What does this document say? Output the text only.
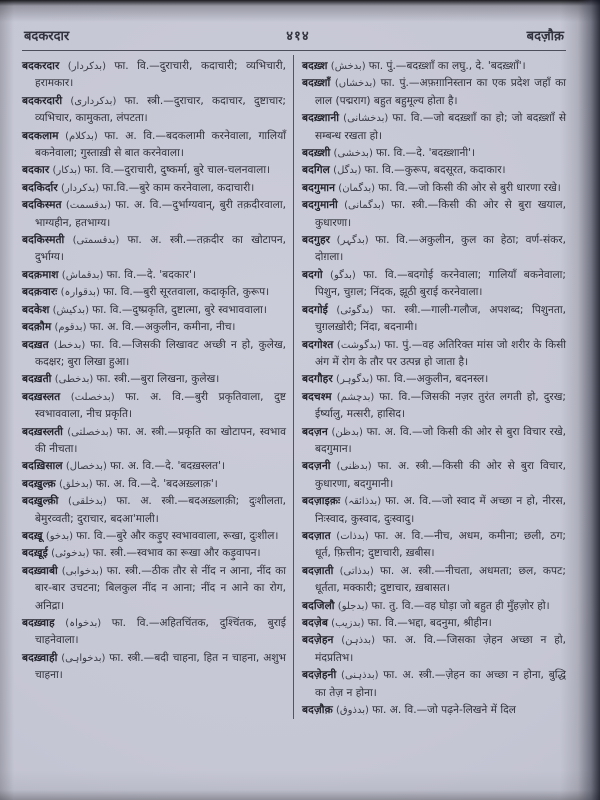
बदकरदार	४१४	बदज़ौक़

बदकरदार (بدکردار) फा. वि.—दुराचारी, कदाचारी; व्यभिचारी, हरामकार।

बदकरदारी (بدکرداری) फा. स्त्री.—दुराचार, कदाचार, दुष्टाचार; व्यभिचार, कामुकता, लंपटता।

बदकलाम (بدکلام) फा. अ. वि.—बदकलामी करनेवाला, गालियाँ बकनेवाला; गुस्ताख़ी से बात करनेवाला।

बदकार (بدکار) फा. वि.—दुराचारी, दुष्कर्मा, बुरे चाल-चलनवाला।

बदकिर्दार (بدکردار) फा.वि.—बुरे काम करनेवाला, कदाचारी।

बदकिस्मत (بدقسمت) फा. अ. वि.—दुर्भाग्यवान्, बुरी तक़दीरवाला, भाग्यहीन, हतभाग्य।

बदकिस्मती (بدقسمتی) फा. अ. स्त्री.—तक़दीर का खोटापन, दुर्भाग्य।

बदक़माश (بدقماش) फा. वि.—दे. 'बदकार'।

बदक़वारः (بدقوارہ) फा. वि.—बुरी सूरतवाला, कदाकृति, कुरूप।

बदकेश (بدکیش) फा. वि.—दुष्प्रकृति, दुष्टात्मा, बुरे स्वभाववाला।

बदक़ौम (بدقوم) फा. अ. वि.—अकुलीन, कमीना, नीच।

बदख़त (بدخط) फा. वि.—जिसकी लिखावट अच्छी न हो, कुलेख, कदक्षर; बुरा लिखा हुआ।

बदख़ती (بدخطی) फा. स्त्री.—बुरा लिखना, कुलेख।

बदख़स्लत (بدخصلت) फा. अ. वि.—बुरी प्रकृतिवाला, दुष्ट स्वभाववाला, नीच प्रकृति।

बदख़स्लती (بدخصلتی) फा. अ. स्त्री.—प्रकृति का खोटापन, स्वभाव की नीचता।

बदख़िसाल (بدخصال) फा. अ. वि.—दे. 'बदख़स्लत'।

बदख़ुल्क़ (بدخلق) फा. अ. वि.—दे. 'बदअख़्लाक़'।

बदख़ुल्क़ी (بدخلقی) फा. अ. स्त्री.—बदअख़्लाक़ी; दुःशीलता, बेमुरव्वती; दुराचार, बदआ'माली।

बदख़ू (بدخو) फा. वि.—बुरे और कड़ुए स्वभाववाला, रूखा, दुःशील।

बदख़ूई (بدخوئی) फा. स्त्री.—स्वभाव का रूखा और कड़ुवापन।

बदख़्वाबी (بدخوابی) फा. स्त्री.—ठीक तौर से नींद न आना, नींद का बार-बार उचटना; बिलकुल नींद न आना; नींद न आने का रोग, अनिद्रा।

बदख़्वाह (بدخواہ) फा. वि.—अहितचिंतक, दुश्चिंतक, बुराई चाहनेवाला।

बदख़्वाही (بدخواہی) फा. स्त्री.—बदी चाहना, हित न चाहना, अशुभ चाहना।

बदख़्श (بدخش) फा. पुं.—बदख़्शाँ का लघु., दे. 'बदख़्शाँ'।

बदख़्शाँ (بدخشاں) फा. पुं.—अफ़ग़ानिस्तान का एक प्रदेश जहाँ का लाल (पद्मराग) बहुत बहुमूल्य होता है।

बदख़्शानी (بدخشانی) फा. वि.—जो बदख़्शाँ का हो; जो बदख़्शाँ से सम्बन्ध रखता हो।

बदख़्शी (بدخشی) फा. वि.—दे. 'बदख़्शानी'।

बदगिल (بدگل) फा. वि.—कुरूप, बदसूरत, कदाकार।

बदगुमान (بدگمان) फा. वि.—जो किसी की ओर से बुरी धारणा रखे।

बदगुमानी (بدگمانی) फा. स्त्री.—किसी की ओर से बुरा खयाल, कुधारणा।

बदगुहर (بدگہر) फा. वि.—अकुलीन, कुल का हेठा; वर्ण-संकर, दोग़ला।

बदगो (بدگو) फा. वि.—बदगोई करनेवाला; गालियाँ बकनेवाला; पिशुन, चुग़ल; निंदक, झूठी बुराई करनेवाला।

बदगोई (بدگوئی) फा. स्त्री.—गाली-गलौज, अपशब्द; पिशुनता, चुग़लख़ोरी; निंदा, बदनामी।

बदगोश्त (بدگوشت) फा. पुं.—वह अतिरिक्त मांस जो शरीर के किसी अंग में रोग के तौर पर उत्पन्न हो जाता है।

बदगौहर (بدگوہر) फा. वि.—अकुलीन, बदनस्ल।

बदचश्म (بدچشم) फा. वि.—जिसकी नज़र तुरंत लगती हो, दुरख; ईर्ष्यालु, मत्सरी, हासिद।

बदज़न (بدظن) फा. अ. वि.—जो किसी की ओर से बुरा विचार रखे, बदगुमान।

बदज़नी (بدظنی) फा. अ. स्त्री.—किसी की ओर से बुरा विचार, कुधारणा, बदगुमानी।

बदज़ाइक़ः (بدذائقہ) फा. अ. वि.—जो स्वाद में अच्छा न हो, नीरस, निःस्वाद, कुस्वाद, दुःस्वादु।

बदज़ात (بدذات) फा. अ. वि.—नीच, अधम, कमीना; छली, ठग; धूर्त, फ़ित्तीन; दुष्टाचारी, ख़बीस।

बदज़ाती (بدذاتی) फा. अ. स्त्री.—नीचता, अधमता; छल, कपट; धूर्तता, मक्कारी; दुष्टाचार, ख़बासत।

बदजिलौ (بدجلو) फा. तु. वि.—वह घोड़ा जो बहुत ही मुँहज़ोर हो।

बदज़ेब (بدزیب) फा. वि.—भद्दा, बदनुमा, श्रीहीन।

बदज़ेहन (بدذہن) फा. अ. वि.—जिसका ज़ेहन अच्छा न हो, मंदप्रतिभ।

बदज़ेहनी (بدذہنی) फा. अ. स्त्री.—ज़ेहन का अच्छा न होना, बुद्धि का तेज़ न होना।

बदज़ौक़ (بدذوق) फा. अ. वि.—जो पढ़ने-लिखने में दिल
